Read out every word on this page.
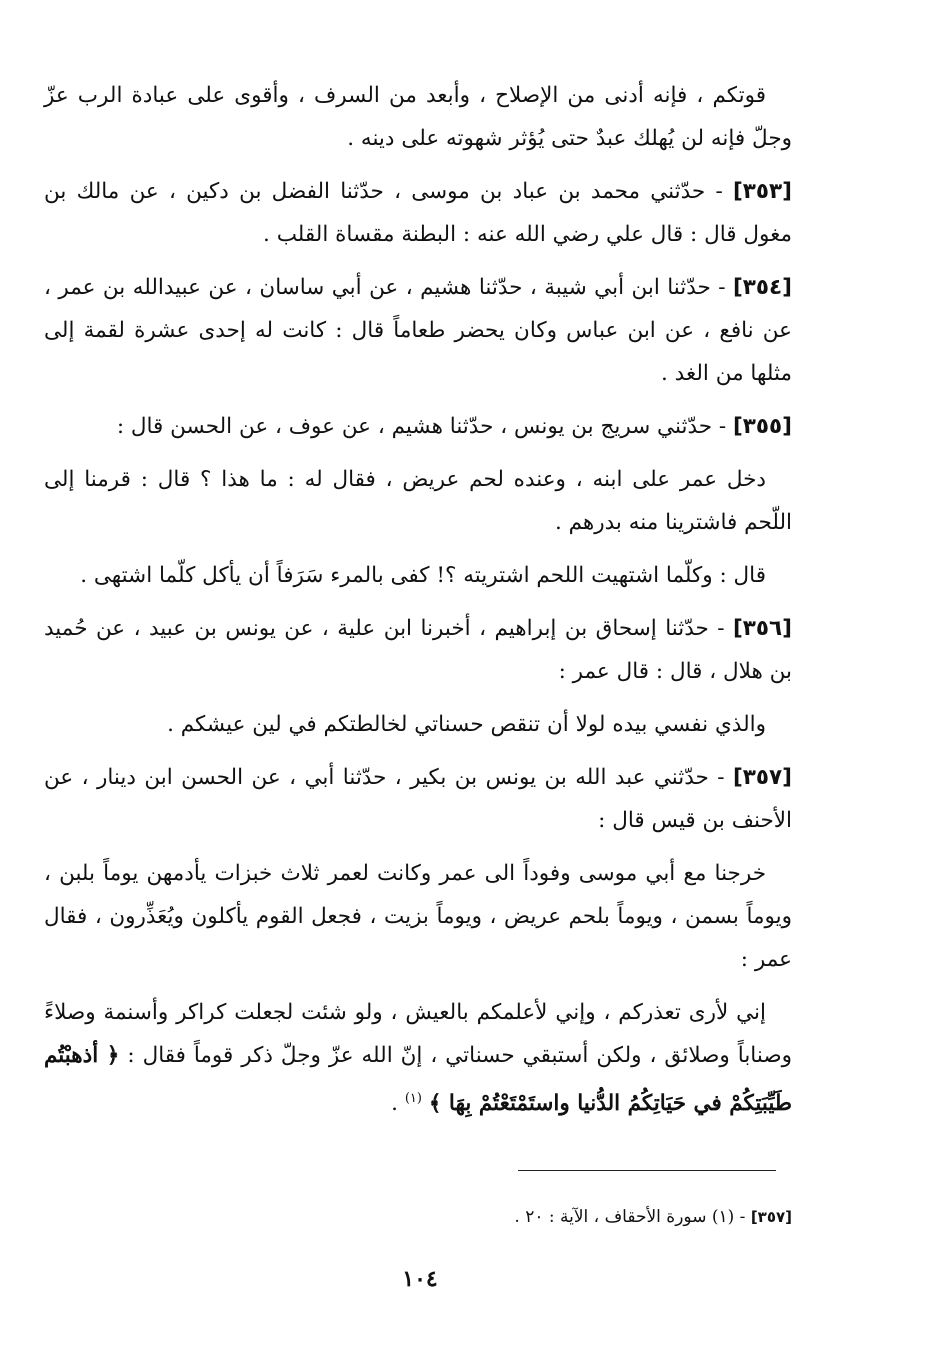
قوتكم ، فإنه أدنى من الإصلاح ، وأبعد من السرف ، وأقوى على عبادة الرب عزّ وجلّ فإنه لن يُهلك عبدٌ حتى يُؤثر شهوته على دينه .

[٣٥٣] - حدّثني محمد بن عباد بن موسى ، حدّثنا الفضل بن دكين ، عن مالك بن مغول قال : قال علي رضي الله عنه : البطنة مقساة القلب .

[٣٥٤] - حدّثنا ابن أبي شيبة ، حدّثنا هشيم ، عن أبي ساسان ، عن عبيدالله بن عمر ، عن نافع ، عن ابن عباس وكان يحضر طعاماً قال : كانت له إحدى عشرة لقمة إلى مثلها من الغد .

[٣٥٥] - حدّثني سريج بن يونس ، حدّثنا هشيم ، عن عوف ، عن الحسن قال :

دخل عمر على ابنه ، وعنده لحم عريض ، فقال له : ما هذا ؟ قال : قرمنا إلى اللّحم فاشترينا منه بدرهم .

قال : وكلّما اشتهيت اللحم اشتريته ؟! كفى بالمرء سَرَفاً أن يأكل كلّما اشتهى .

[٣٥٦] - حدّثنا إسحاق بن إبراهيم ، أخبرنا ابن علية ، عن يونس بن عبيد ، عن حُميد بن هلال ، قال : قال عمر :

والذي نفسي بيده لولا أن تنقص حسناتي لخالطتكم في لين عيشكم .

[٣٥٧] - حدّثني عبد الله بن يونس بن بكير ، حدّثنا أبي ، عن الحسن ابن دينار ، عن الأحنف بن قيس قال :

خرجنا مع أبي موسى وفوداً الى عمر وكانت لعمر ثلاث خبزات يأدمهن يوماً بلبن ، ويوماً بسمن ، ويوماً بلحم عريض ، ويوماً بزيت ، فجعل القوم يأكلون ويُعَذِّرون ، فقال عمر :

إني لأرى تعذركم ، وإني لأعلمكم بالعيش ، ولو شئت لجعلت كراكر وأسنمة وصلاءً وصناباً وصلائق ، ولكن أستبقي حسناتي ، إنّ الله عزّ وجلّ ذكر قوماً فقال : ﴿ أذهبْتُم طَيِّبَتِكُمْ في حَيَاتِكُمُ الدُّنيا واستَمْتَعْتُمْ بِهَا ﴾ $^{(١)}$ .

[٣٥٧] - (١) سورة الأحقاف ، الآية : ٢٠ .
١٠٤
